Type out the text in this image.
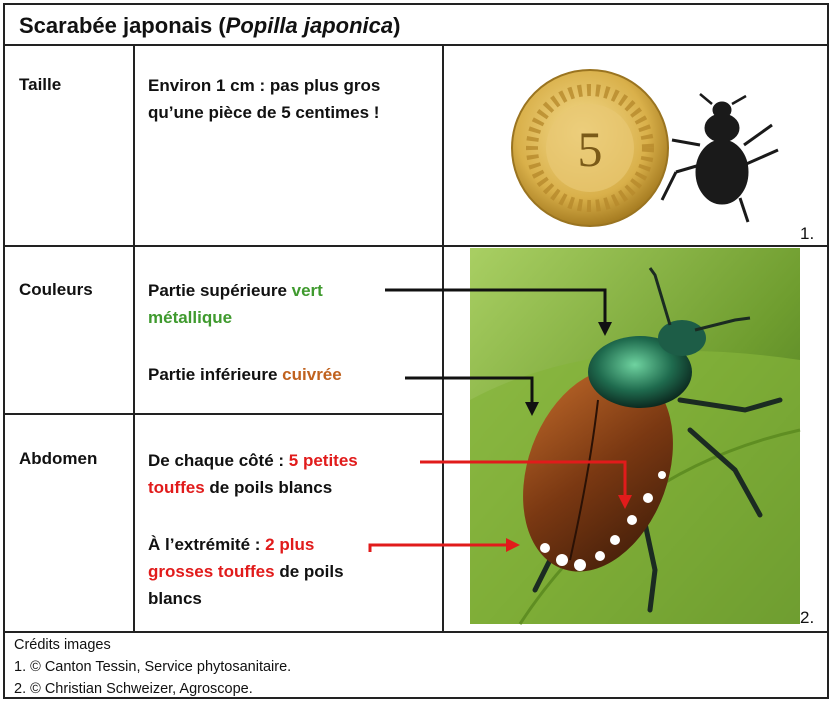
Scarabée japonais (Popilla japonica)
Taille	Environ 1 cm : pas plus gros qu’une pièce de 5 centimes !
Couleurs	Partie supérieure vert
métallique
Partie inférieure cuivrée
Abdomen	De chaque côté : 5 petites
touffes de poils blancs
À l’extrémité : 2 plus
grosses touffes de poils
blancs
5
1.
2.
Crédits images
1. © Canton Tessin, Service phytosanitaire.
2. © Christian Schweizer, Agroscope.
